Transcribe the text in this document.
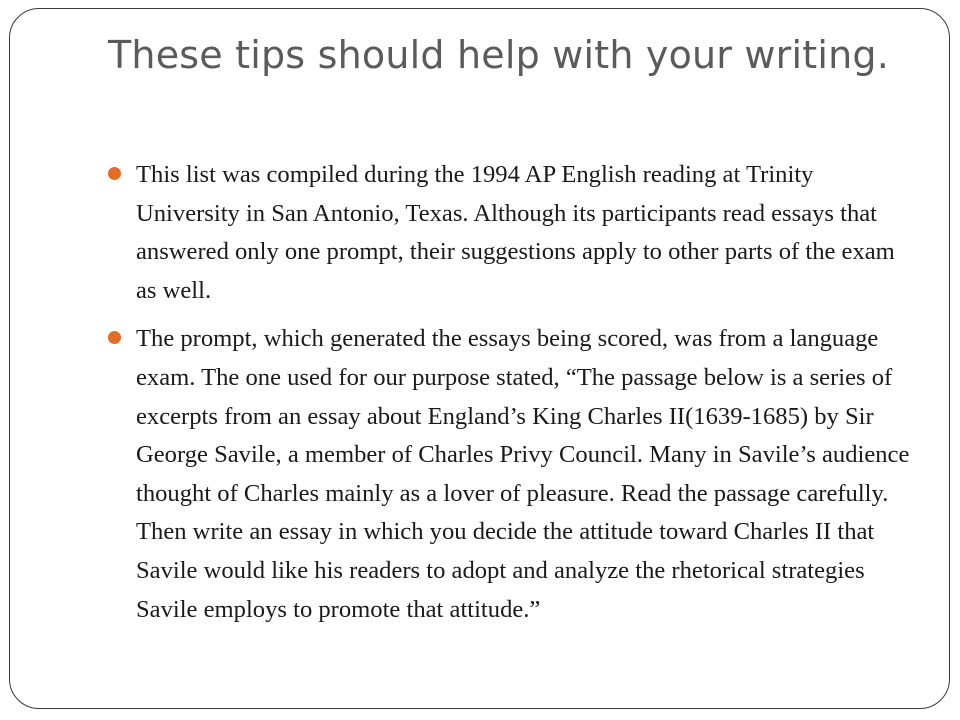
These tips should help with your writing.
This list was compiled during the 1994 AP English reading at Trinity University in San Antonio, Texas. Although its participants read essays that answered only one prompt, their suggestions apply to other parts of the exam as well.
The prompt, which generated the essays being scored, was from a language exam. The one used for our purpose stated, “The passage below is a series of excerpts from an essay about England’s King Charles II(1639-1685) by Sir George Savile, a member of Charles Privy Council. Many in Savile’s audience thought of Charles mainly as a lover of pleasure. Read the passage carefully. Then write an essay in which you decide the attitude toward Charles II that Savile would like his readers to adopt and analyze the rhetorical strategies Savile employs to promote that attitude.”
